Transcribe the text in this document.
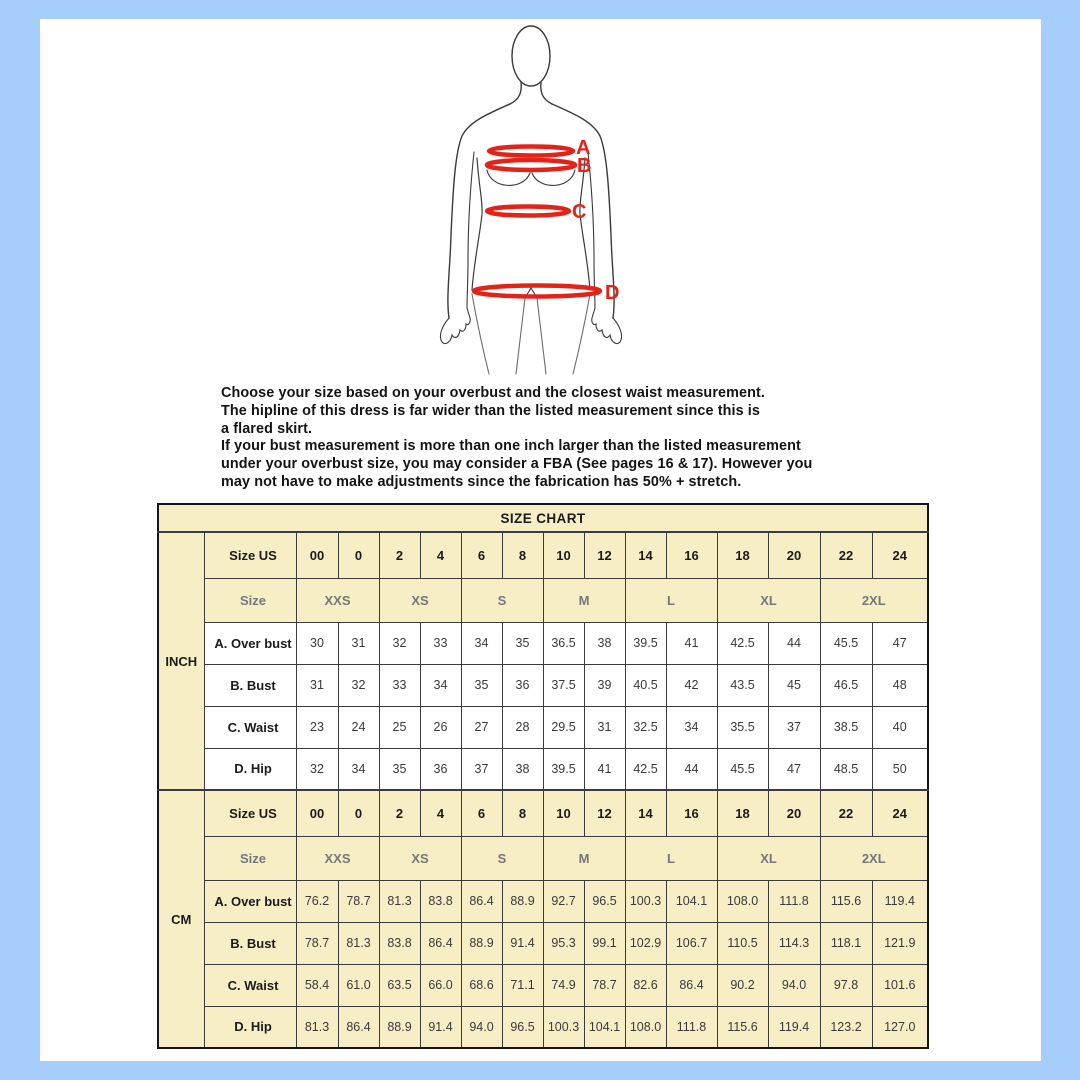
A
B
C
D
Choose your size based on your overbust and the closest waist measurement.
The hipline of this dress is far wider than the listed measurement since this is
a flared skirt.
If your bust measurement is more than one inch larger than the listed measurement
under your overbust size, you may consider a FBA (See pages 16 & 17). However you
may not have to make adjustments since the fabrication has 50% + stretch.
SIZE CHART															
INCH	Size US	00	0	2	4	6	8	10	12	14	16	18	20	22	24
	Size	XXS		XS		S		M		L		XL		2XL	
	A. Over bust	30	31	32	33	34	35	36.5	38	39.5	41	42.5	44	45.5	47
	B. Bust	31	32	33	34	35	36	37.5	39	40.5	42	43.5	45	46.5	48
	C. Waist	23	24	25	26	27	28	29.5	31	32.5	34	35.5	37	38.5	40
	D. Hip	32	34	35	36	37	38	39.5	41	42.5	44	45.5	47	48.5	50
CM	Size US	00	0	2	4	6	8	10	12	14	16	18	20	22	24
	Size	XXS		XS		S		M		L		XL		2XL	
	A. Over bust	76.2	78.7	81.3	83.8	86.4	88.9	92.7	96.5	100.3	104.1	108.0	111.8	115.6	119.4
	B. Bust	78.7	81.3	83.8	86.4	88.9	91.4	95.3	99.1	102.9	106.7	110.5	114.3	118.1	121.9
	C. Waist	58.4	61.0	63.5	66.0	68.6	71.1	74.9	78.7	82.6	86.4	90.2	94.0	97.8	101.6
	D. Hip	81.3	86.4	88.9	91.4	94.0	96.5	100.3	104.1	108.0	111.8	115.6	119.4	123.2	127.0
